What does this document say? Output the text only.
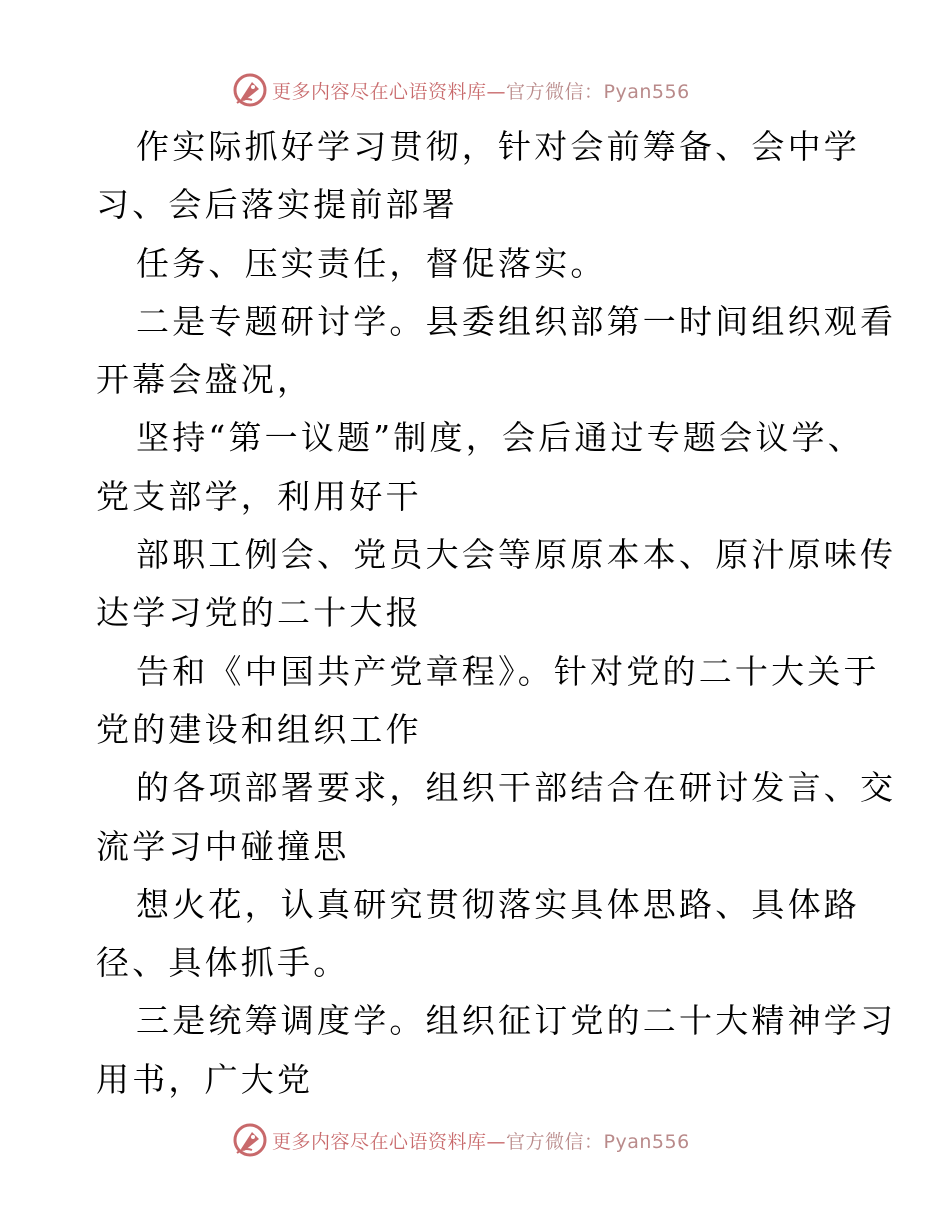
更多内容尽在心语资料库—官方微信：Pyan556
作实际抓好学习贯彻，针对会前筹备、会中学
习、会后落实提前部署
任务、压实责任，督促落实。
二是专题研讨学。县委组织部第一时间组织观看
开幕会盛况，
坚持“第一议题”制度，会后通过专题会议学、
党支部学，利用好干
部职工例会、党员大会等原原本本、原汁原味传
达学习党的二十大报
告和《中国共产党章程》。针对党的二十大关于
党的建设和组织工作
的各项部署要求，组织干部结合在研讨发言、交
流学习中碰撞思
想火花，认真研究贯彻落实具体思路、具体路
径、具体抓手。
三是统筹调度学。组织征订党的二十大精神学习
用书，广大党
更多内容尽在心语资料库—官方微信：Pyan556
